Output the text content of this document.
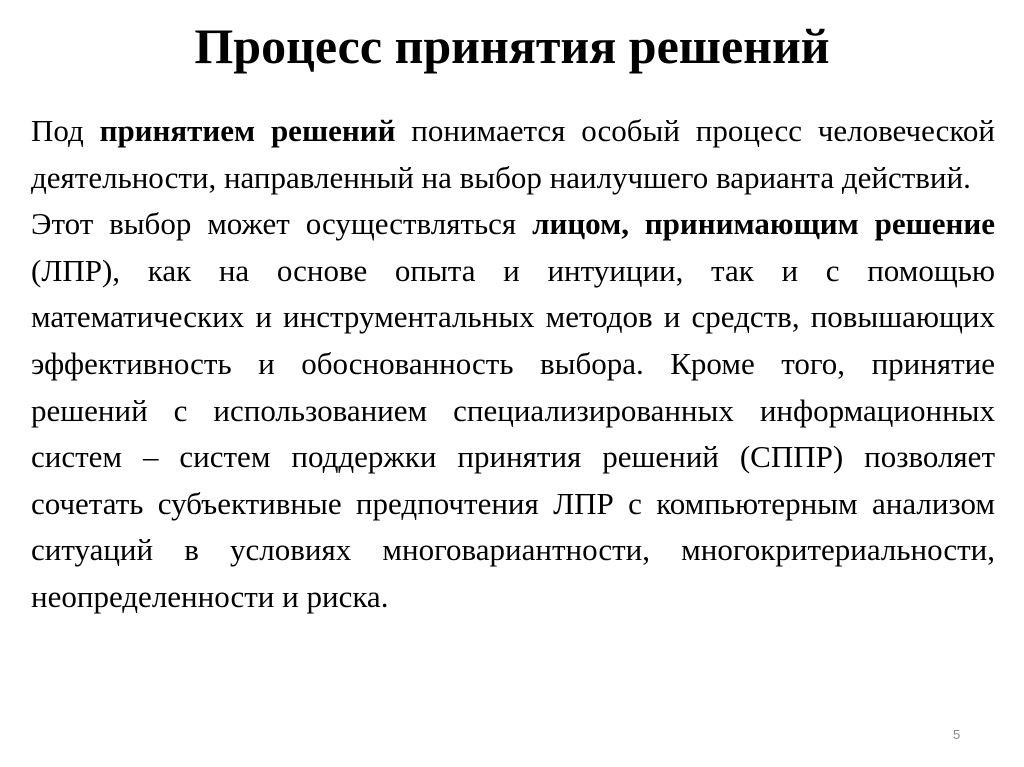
Процесс принятия решений

Под принятием решений понимается особый процесс человеческой деятельности, направленный на выбор наилучшего варианта действий.

Этот выбор может осуществляться лицом, принимающим решение (ЛПР), как на основе опыта и интуиции, так и с помощью математических и инструментальных методов и средств, повышающих эффективность и обоснованность выбора. Кроме того, принятие решений с использованием специализированных информационных систем – систем поддержки принятия решений (СППР) позволяет сочетать субъективные предпочтения ЛПР с компьютерным анализом ситуаций в условиях многовариантности, многокритериальности, неопределенности и риска.

5
